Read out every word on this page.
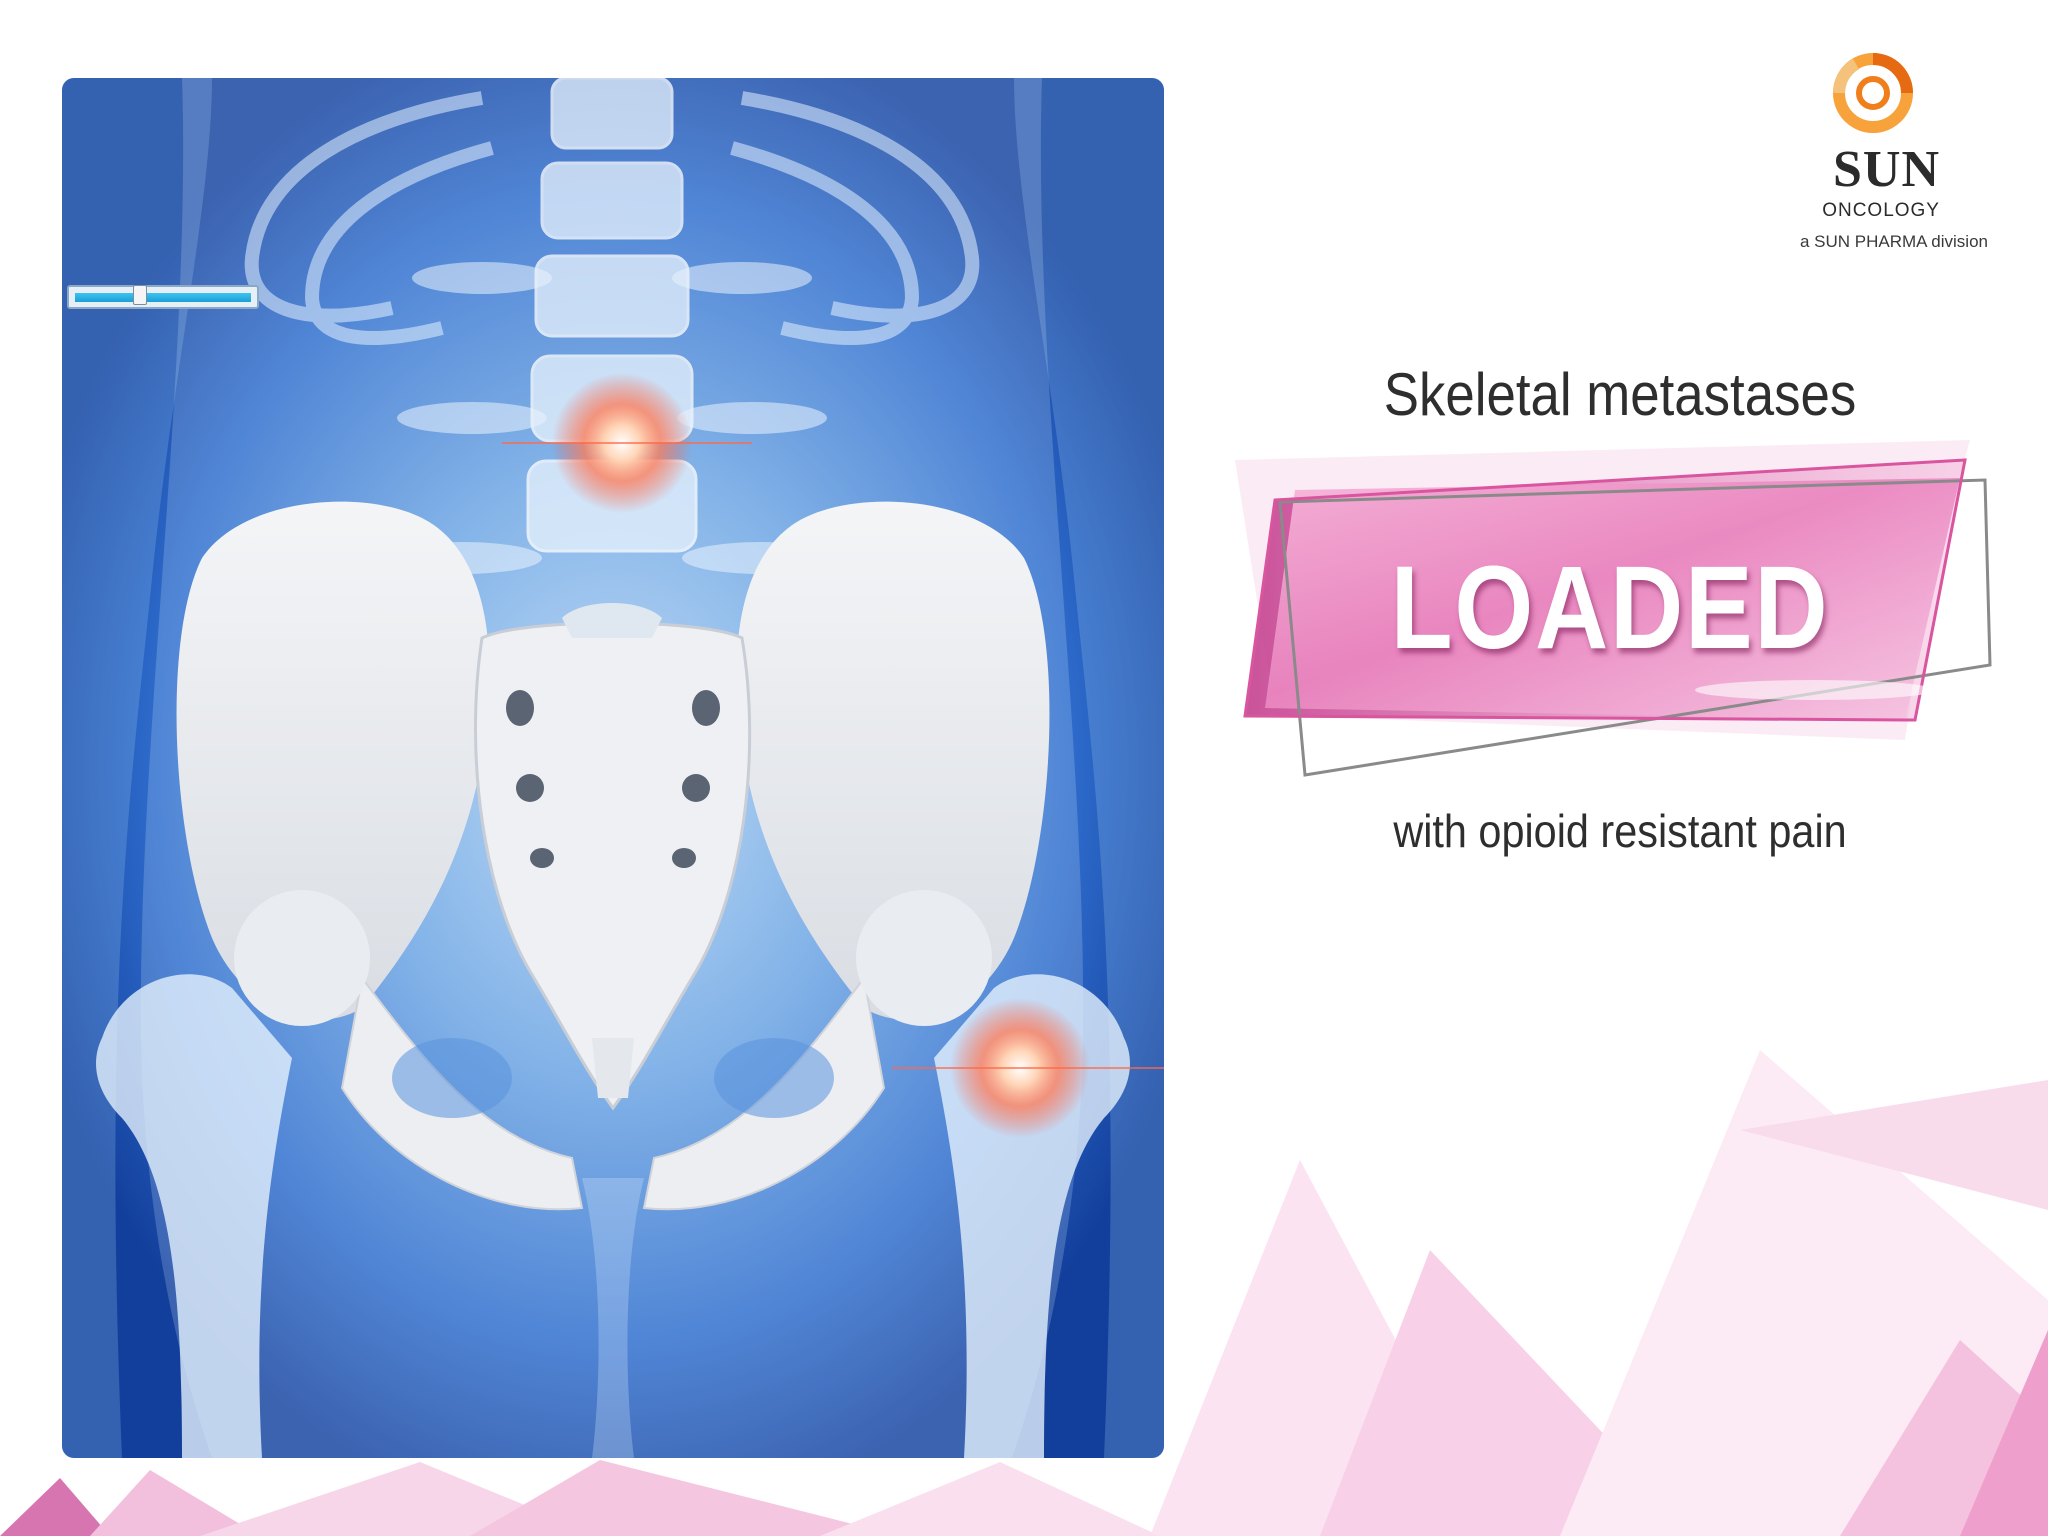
SUN
ONCOLOGY
a SUN PHARMA division
Skeletal metastases
LOADED
with opioid resistant pain
